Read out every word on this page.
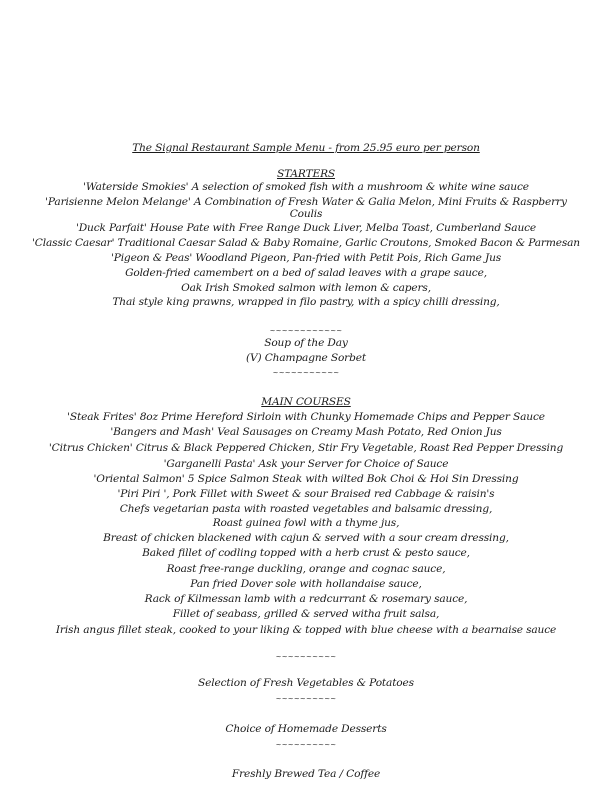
The Signal Restaurant Sample Menu - from 25.95 euro per person
STARTERS
'Waterside Smokies' A selection of smoked fish with a mushroom & white wine sauce
'Parisienne Melon Melange' A Combination of Fresh Water & Galia Melon, Mini Fruits & Raspberry
Coulis
'Duck Parfait' House Pate with Free Range Duck Liver, Melba Toast, Cumberland Sauce
'Classic Caesar' Traditional Caesar Salad & Baby Romaine, Garlic Croutons, Smoked Bacon & Parmesan
'Pigeon & Peas' Woodland Pigeon, Pan-fried with Petit Pois, Rich Game Jus
Golden-fried camembert on a bed of salad leaves with a grape sauce,
Oak Irish Smoked salmon with lemon & capers,
Thai style king prawns, wrapped in filo pastry, with a spicy chilli dressing,
~~~~~~~~~~~~
Soup of the Day
(V) Champagne Sorbet
~~~~~~~~~~~
MAIN COURSES
'Steak Frites' 8oz Prime Hereford Sirloin with Chunky Homemade Chips and Pepper Sauce
'Bangers and Mash' Veal Sausages on Creamy Mash Potato, Red Onion Jus
'Citrus Chicken' Citrus & Black Peppered Chicken, Stir Fry Vegetable, Roast Red Pepper Dressing
'Garganelli Pasta' Ask your Server for Choice of Sauce
'Oriental Salmon' 5 Spice Salmon Steak with wilted Bok Choi & Hoi Sin Dressing
'Piri Piri ', Pork Fillet with Sweet & sour Braised red Cabbage & raisin's
Chefs vegetarian pasta with roasted vegetables and balsamic dressing,
Roast guinea fowl with a thyme jus,
Breast of chicken blackened with cajun & served with a sour cream dressing,
Baked fillet of codling topped with a herb crust & pesto sauce,
Roast free-range duckling, orange and cognac sauce,
Pan fried Dover sole with hollandaise sauce,
Rack of Kilmessan lamb with a redcurrant & rosemary sauce,
Fillet of seabass, grilled & served witha fruit salsa,
Irish angus fillet steak, cooked to your liking & topped with blue cheese with a bearnaise sauce
~~~~~~~~~~
Selection of Fresh Vegetables & Potatoes
~~~~~~~~~~
Choice of Homemade Desserts
~~~~~~~~~~
Freshly Brewed Tea / Coffee
